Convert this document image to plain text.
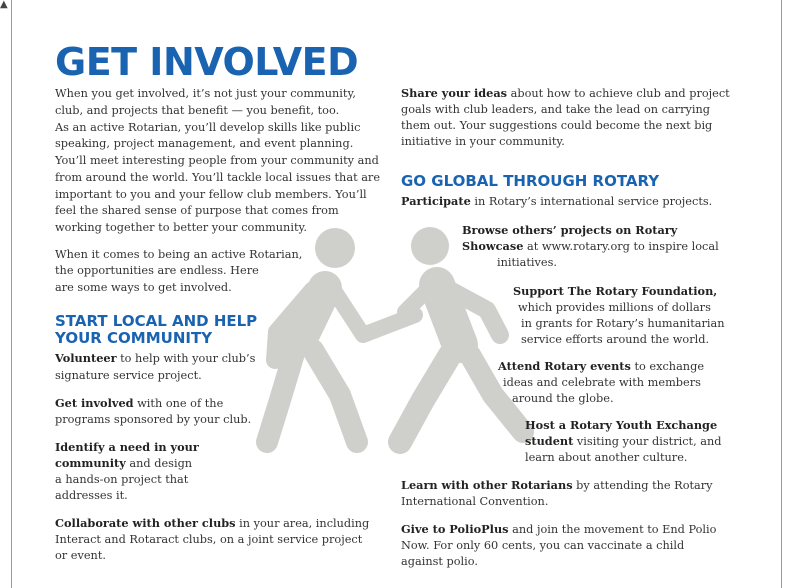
▲
GET INVOLVED

When you get involved, it’s not just your community,

club, and projects that benefit — you benefit, too.

As an active Rotarian, you’ll develop skills like public

speaking, project management, and event planning.

You’ll meet interesting people from your community and

from around the world. You’ll tackle local issues that are

important to you and your fellow club members. You’ll

feel the shared sense of purpose that comes from

working together to better your community.

When it comes to being an active Rotarian,

the opportunities are endless. Here

are some ways to get involved.

START LOCAL AND HELP

YOUR COMMUNITY

Volunteer to help with your club’s

signature service project.

Get involved with one of the

programs sponsored by your club.

Identify a need in your

community and design

a hands-on project that

addresses it.

Collaborate with other clubs in your area, including

Interact and Rotaract clubs, on a joint service project

or event.

Share your ideas about how to achieve club and project

goals with club leaders, and take the lead on carrying

them out. Your suggestions could become the next big

initiative in your community.

GO GLOBAL THROUGH ROTARY

Participate in Rotary’s international service projects.

Browse others’ projects on Rotary

Showcase at www.rotary.org to inspire local

initiatives.

Support The Rotary Foundation,

which provides millions of dollars

in grants for Rotary’s humanitarian

service efforts around the world.

Attend Rotary events to exchange

ideas and celebrate with members

around the globe.

Host a Rotary Youth Exchange

student visiting your district, and

learn about another culture.

Learn with other Rotarians by attending the Rotary

International Convention.

Give to PolioPlus and join the movement to End Polio

Now. For only 60 cents, you can vaccinate a child

against polio.
